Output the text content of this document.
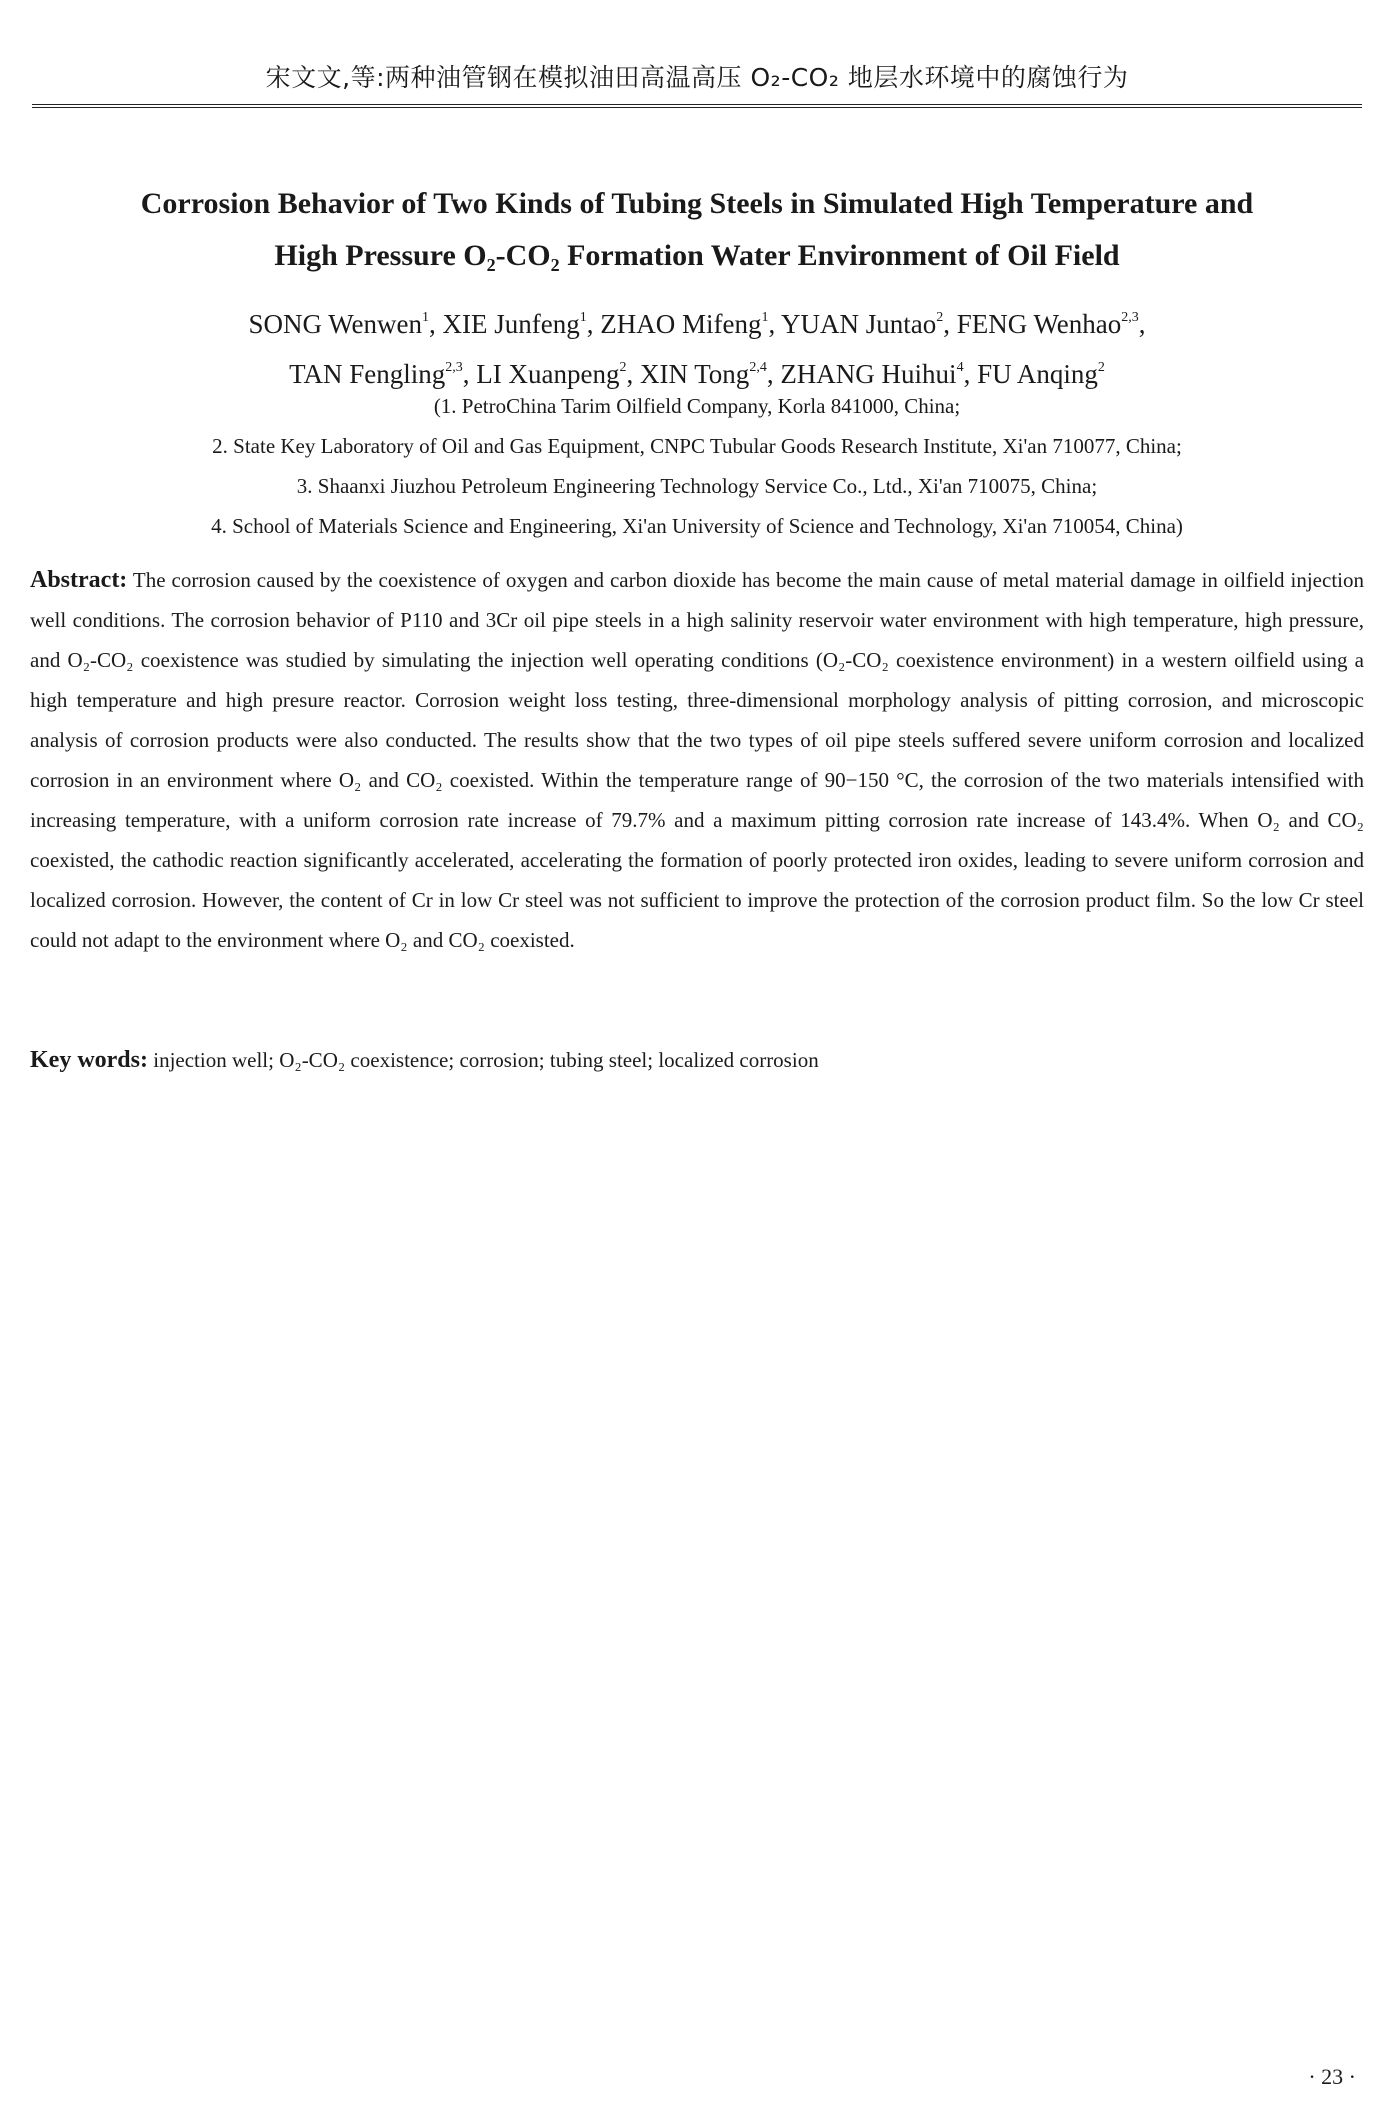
宋文文,等:两种油管钢在模拟油田高温高压 O₂-CO₂ 地层水环境中的腐蚀行为
Corrosion Behavior of Two Kinds of Tubing Steels in Simulated High Temperature and
High Pressure O₂-CO₂ Formation Water Environment of Oil Field
SONG Wenwen$^1$, XIE Junfeng$^1$, ZHAO Mifeng$^1$, YUAN Juntao$^2$, FENG Wenhao$^{2,3}$,
TAN Fengling$^{2,3}$, LI Xuanpeng$^2$, XIN Tong$^{2,4}$, ZHANG Huihui$^4$, FU Anqing$^2$
(1. PetroChina Tarim Oilfield Company, Korla 841000, China;
2. State Key Laboratory of Oil and Gas Equipment, CNPC Tubular Goods Research Institute, Xi'an 710077, China;
3. Shaanxi Jiuzhou Petroleum Engineering Technology Service Co., Ltd., Xi'an 710075, China;
4. School of Materials Science and Engineering, Xi'an University of Science and Technology, Xi'an 710054, China)
Abstract: The corrosion caused by the coexistence of oxygen and carbon dioxide has become the main cause of metal material damage in oilfield injection well conditions. The corrosion behavior of P110 and 3Cr oil pipe steels in a high salinity reservoir water environment with high temperature, high pressure, and O₂-CO₂ coexistence was studied by simulating the injection well operating conditions (O₂-CO₂ coexistence environment) in a western oilfield using a high temperature and high presure reactor. Corrosion weight loss testing, three-dimensional morphology analysis of pitting corrosion, and microscopic analysis of corrosion products were also conducted. The results show that the two types of oil pipe steels suffered severe uniform corrosion and localized corrosion in an environment where O₂ and CO₂ coexisted. Within the temperature range of 90−150 °C, the corrosion of the two materials intensified with increasing temperature, with a uniform corrosion rate increase of 79.7% and a maximum pitting corrosion rate increase of 143.4%. When O₂ and CO₂ coexisted, the cathodic reaction significantly accelerated, accelerating the formation of poorly protected iron oxides, leading to severe uniform corrosion and localized corrosion. However, the content of Cr in low Cr steel was not sufficient to improve the protection of the corrosion product film. So the low Cr steel could not adapt to the environment where O₂ and CO₂ coexisted.
Key words: injection well; O₂-CO₂ coexistence; corrosion; tubing steel; localized corrosion
· 23 ·
